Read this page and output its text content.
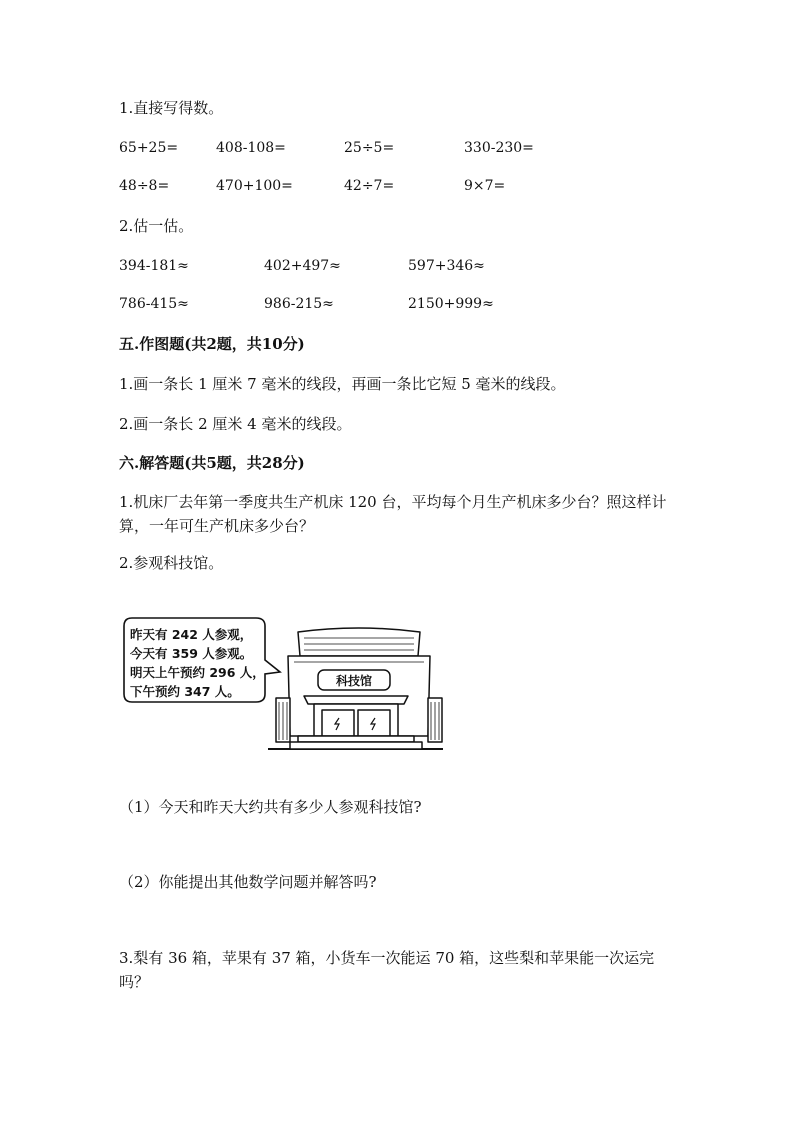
1.直接写得数。
65+25=	408-108=	25÷5=	330-230=
48÷8=	470+100=	42÷7=	9×7=
2.估一估。
394-181≈	402+497≈	597+346≈
786-415≈	986-215≈	2150+999≈
五.作图题(共2题，共10分)
1.画一条长 1 厘米 7 毫米的线段，再画一条比它短 5 毫米的线段。
2.画一条长 2 厘米 4 毫米的线段。
六.解答题(共5题，共28分)
1.机床厂去年第一季度共生产机床 120 台，平均每个月生产机床多少台？照这样计算，一年可生产机床多少台？
2.参观科技馆。
昨天有 242 人参观，
今天有 359 人参观。
明天上午预约 296 人，
下午预约 347 人。
科技馆
（1）今天和昨天大约共有多少人参观科技馆?
（2）你能提出其他数学问题并解答吗?
3.梨有 36 箱，苹果有 37 箱，小货车一次能运 70 箱，这些梨和苹果能一次运完吗？
